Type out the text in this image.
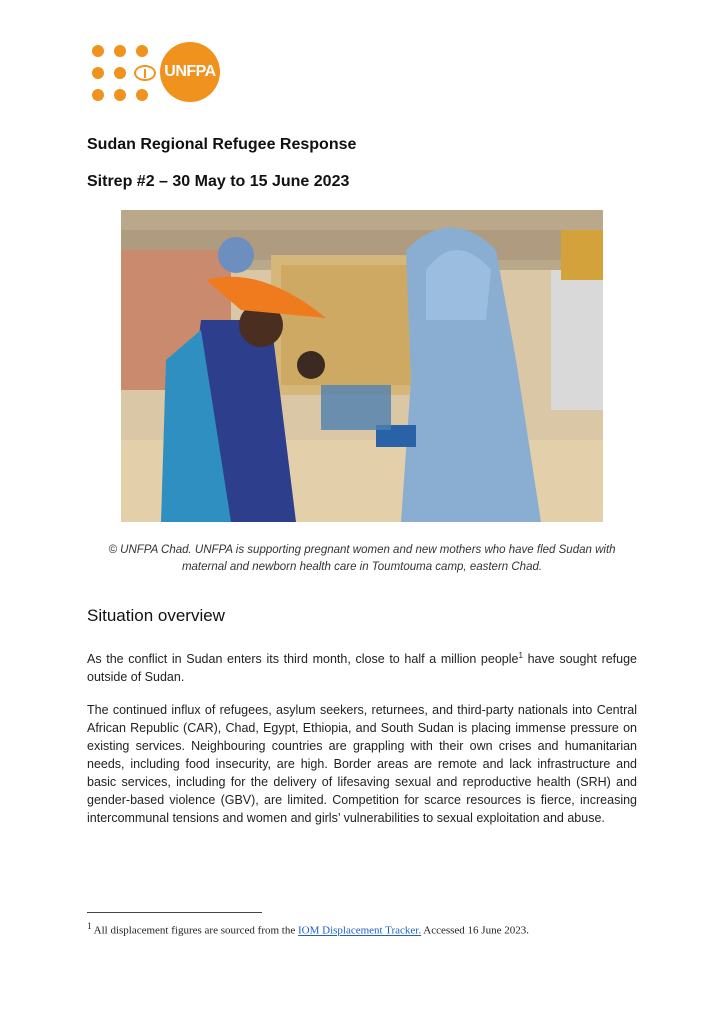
UNFPA
Sudan Regional Refugee Response
Sitrep #2 – 30 May to 15 June 2023

© UNFPA Chad. UNFPA is supporting pregnant women and new mothers who have fled Sudan with maternal and newborn health care in Toumtouma camp, eastern Chad.

Situation overview

As the conflict in Sudan enters its third month, close to half a million people$^1$ have sought refuge outside of Sudan.

The continued influx of refugees, asylum seekers, returnees, and third-party nationals into Central African Republic (CAR), Chad, Egypt, Ethiopia, and South Sudan is placing immense pressure on existing services. Neighbouring countries are grappling with their own crises and humanitarian needs, including food insecurity, are high. Border areas are remote and lack infrastructure and basic services, including for the delivery of lifesaving sexual and reproductive health (SRH) and gender-based violence (GBV), are limited. Competition for scarce resources is fierce, increasing intercommunal tensions and women and girls’ vulnerabilities to sexual exploitation and abuse.

$^1$ All displacement figures are sourced from the IOM Displacement Tracker. Accessed 16 June 2023.
